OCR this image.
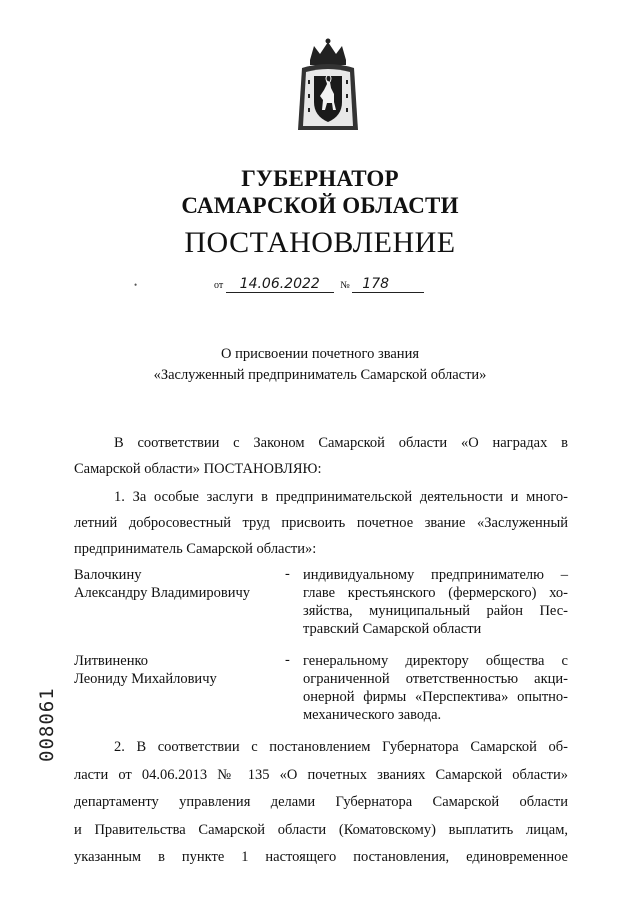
ГУБЕРНАТОР
САМАРСКОЙ ОБЛАСТИ
ПОСТАНОВЛЕНИЕ
•	от 14.06.2022 № 178
О присвоении почетного звания
«Заслуженный предприниматель Самарской области»
В соответствии с Законом Самарской области «О наградах в
Самарской области» ПОСТАНОВЛЯЮ:
1. За особые заслуги в предпринимательской деятельности и много-
летний добросовестный труд присвоить почетное звание «Заслуженный
предприниматель Самарской области»:
Валочкину
Александру Владимировичу
- индивидуальному предпринимателю –
главе крестьянского (фермерского) хо-
зяйства, муниципальный район Пес-
травский Самарской области
Литвиненко
Леониду Михайловичу
- генеральному директору общества с
ограниченной ответственностью акци-
онерной фирмы «Перспектива» опытно-
механического завода.
2. В соответствии с постановлением Губернатора Самарской об-
ласти от 04.06.2013 № 135 «О почетных званиях Самарской области»
департаменту управления делами Губернатора Самарской области
и Правительства Самарской области (Коматовскому) выплатить лицам,
указанным в пункте 1 настоящего постановления, единовременное
008061
